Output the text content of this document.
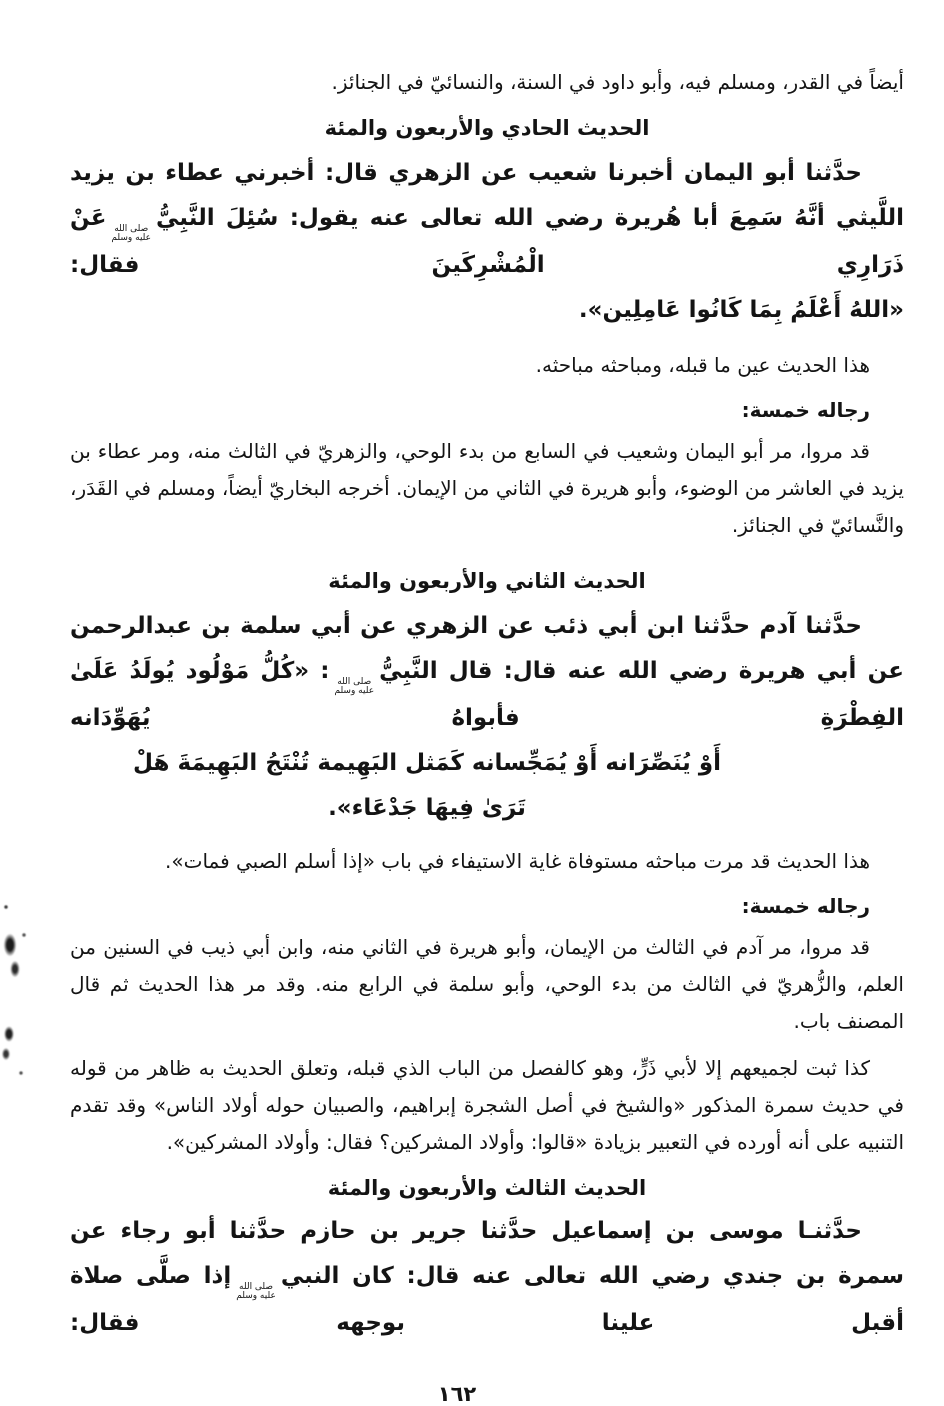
أيضاً في القدر، ومسلم فيه، وأبو داود في السنة، والنسائيّ في الجنائز.

الحديث الحادي والأربعون والمئة

حدَّثنا أبو اليمان أخبرنا شعيب عن الزهري قال: أخبرني عطاء بن يزيد اللَّيثي أنَّهُ سَمِعَ أبا هُريرة رضي الله تعالى عنه يقول: سُئِلَ النَّبِيُّ
صلى الله
عليه وسلم
عَنْ ذَرَارِي الْمُشْرِكَينَ فقال:

«اللهُ أَعْلَمُ بِمَا كَانُوا عَامِلِين».

هذا الحديث عين ما قبله، ومباحثه مباحثه.

رجاله خمسة:

قد مروا، مر أبو اليمان وشعيب في السابع من بدء الوحي، والزهريّ في الثالث منه، ومر عطاء بن يزيد في العاشر من الوضوء، وأبو هريرة في الثاني من الإيمان. أخرجه البخاريّ أيضاً، ومسلم في القَدَر، والنَّسائيّ في الجنائز.

الحديث الثاني والأربعون والمئة

حدَّثنا آدم حدَّثنا ابن أبي ذئب عن الزهري عن أبي سلمة بن عبدالرحمن عن أبي هريرة رضي الله عنه قال: قال النَّبِيُّ
صلى الله
عليه وسلم
: «كُلُّ مَوْلُود يُولَدُ عَلَىٰ الفِطْرَةِ فأبواهُ يُهَوِّدَانه

أَوْ يُنَصِّرَانه أَوْ يُمَجِّسانه كَمَثل البَهِيمة تُنْتَجُ البَهِيمَةَ هَلْ تَرَىٰ فِيهَا جَدْعَاء».

هذا الحديث قد مرت مباحثه مستوفاة غاية الاستيفاء في باب «إذا أسلم الصبي فمات».

رجاله خمسة:

قد مروا، مر آدم في الثالث من الإيمان، وأبو هريرة في الثاني منه، وابن أبي ذيب في السنين من العلم، والزُّهريّ في الثالث من بدء الوحي، وأبو سلمة في الرابع منه. وقد مر هذا الحديث ثم قال المصنف باب.

كذا ثبت لجميعهم إلا لأبي ذَرٍّ، وهو كالفصل من الباب الذي قبله، وتعلق الحديث به ظاهر من قوله في حديث سمرة المذكور «والشيخ في أصل الشجرة إبراهيم، والصبيان حوله أولاد الناس» وقد تقدم التنبيه على أنه أورده في التعبير بزيادة «قالوا: وأولاد المشركين؟ فقال: وأولاد المشركين».

الحديث الثالث والأربعون والمئة

حدَّثنـا موسى بن إسماعيل حدَّثنا جرير بن حازم حدَّثنا أبو رجاء عن سمرة بن جندي رضي الله تعالى عنه قال: كان النبي
صلى الله
عليه وسلم
إذا صلَّى صلاة أقبل علينا بوجهه فقال:

١٦٢
